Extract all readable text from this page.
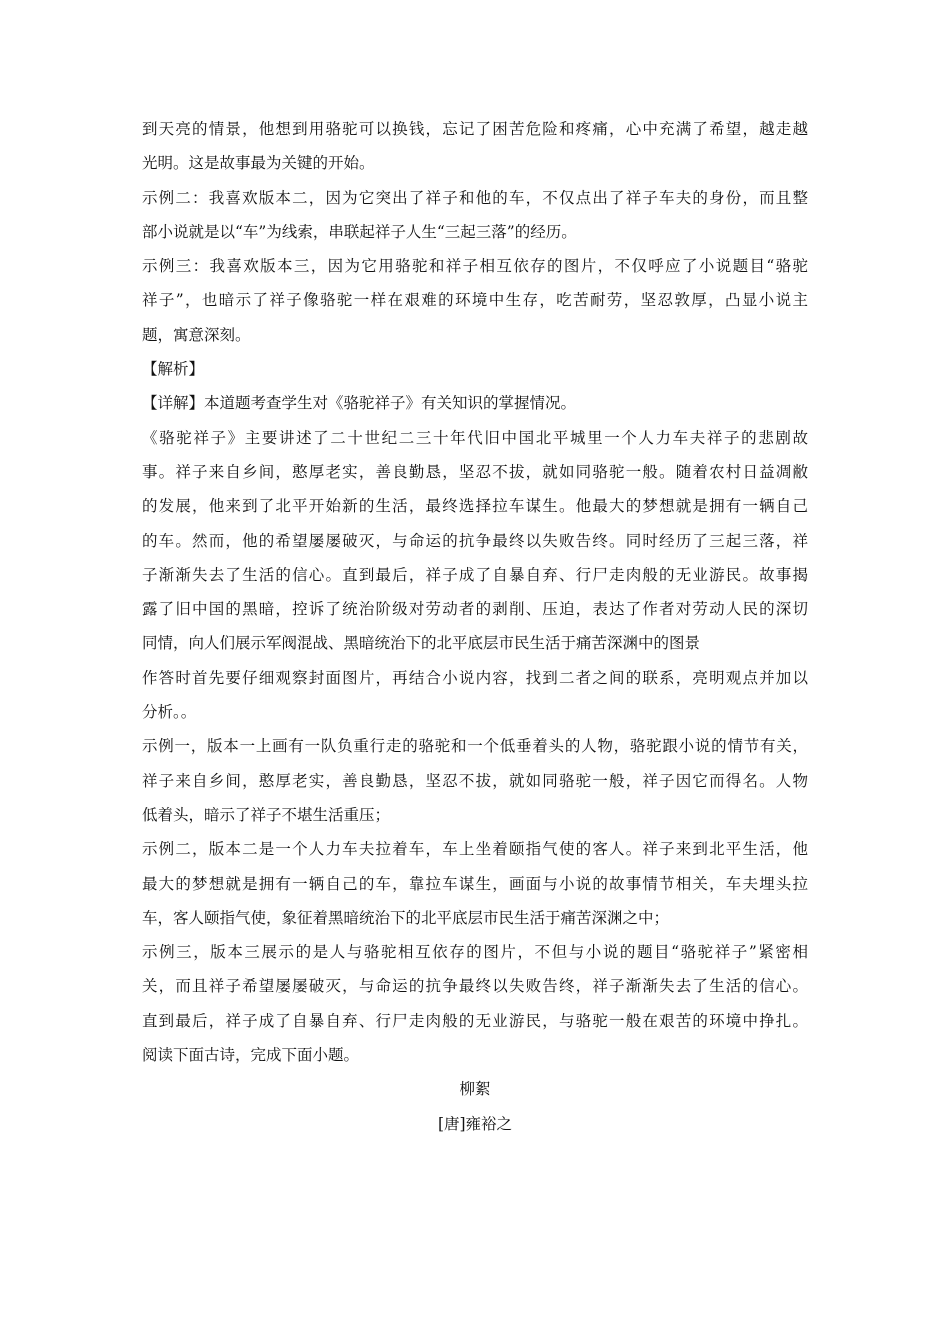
到天亮的情景，他想到用骆驼可以换钱，忘记了困苦危险和疼痛，心中充满了希望，越走越
光明。这是故事最为关键的开始。
示例二：我喜欢版本二，因为它突出了祥子和他的车，不仅点出了祥子车夫的身份，而且整
部小说就是以“车”为线索，串联起祥子人生“三起三落”的经历。
示例三：我喜欢版本三，因为它用骆驼和祥子相互依存的图片，不仅呼应了小说题目“骆驼
祥子”，也暗示了祥子像骆驼一样在艰难的环境中生存，吃苦耐劳，坚忍敦厚，凸显小说主
题，寓意深刻。
【解析】
【详解】本道题考查学生对《骆驼祥子》有关知识的掌握情况。
《骆驼祥子》主要讲述了二十世纪二三十年代旧中国北平城里一个人力车夫祥子的悲剧故
事。祥子来自乡间，憨厚老实，善良勤恳，坚忍不拔，就如同骆驼一般。随着农村日益凋敝
的发展，他来到了北平开始新的生活，最终选择拉车谋生。他最大的梦想就是拥有一辆自己
的车。然而，他的希望屡屡破灭，与命运的抗争最终以失败告终。同时经历了三起三落，祥
子渐渐失去了生活的信心。直到最后，祥子成了自暴自弃、行尸走肉般的无业游民。故事揭
露了旧中国的黑暗，控诉了统治阶级对劳动者的剥削、压迫，表达了作者对劳动人民的深切
同情，向人们展示军阀混战、黑暗统治下的北平底层市民生活于痛苦深渊中的图景
作答时首先要仔细观察封面图片，再结合小说内容，找到二者之间的联系，亮明观点并加以
分析。。
示例一，版本一上画有一队负重行走的骆驼和一个低垂着头的人物，骆驼跟小说的情节有关，
祥子来自乡间，憨厚老实，善良勤恳，坚忍不拔，就如同骆驼一般，祥子因它而得名。人物
低着头，暗示了祥子不堪生活重压；
示例二，版本二是一个人力车夫拉着车，车上坐着颐指气使的客人。祥子来到北平生活，他
最大的梦想就是拥有一辆自己的车，靠拉车谋生，画面与小说的故事情节相关，车夫埋头拉
车，客人颐指气使，象征着黑暗统治下的北平底层市民生活于痛苦深渊之中；
示例三，版本三展示的是人与骆驼相互依存的图片，不但与小说的题目“骆驼祥子”紧密相
关，而且祥子希望屡屡破灭，与命运的抗争最终以失败告终，祥子渐渐失去了生活的信心。
直到最后，祥子成了自暴自弃、行尸走肉般的无业游民，与骆驼一般在艰苦的环境中挣扎。
阅读下面古诗，完成下面小题。
柳絮
[唐]雍裕之
